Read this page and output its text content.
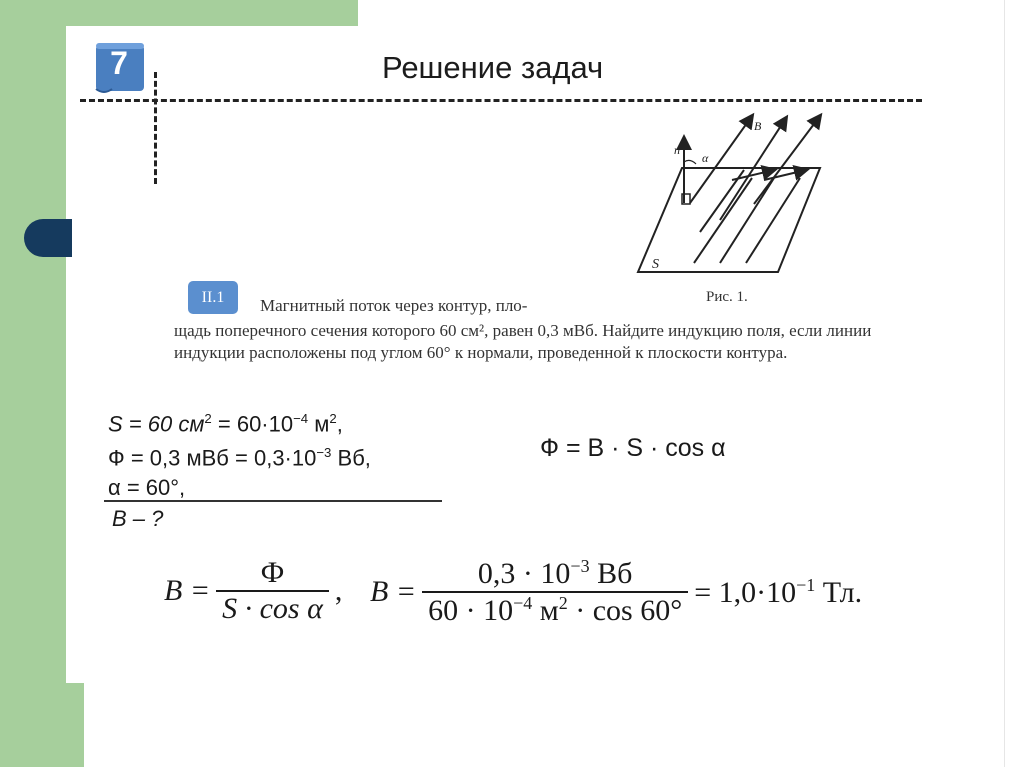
7	Решение задач
n
B
α
S
Рис. 1.
II.1	Магнитный поток через контур, пло-
щадь поперечного сечения которого 60 см², равен 0,3 мВб. Найдите индукцию поля, если линии индукции расположены под углом 60° к нормали, проведенной к плоскости контура.
S = 60 $см^2 = 60\cdot 10^{-4}$ $м^2$,
Ф = 0,3 мВб = $0,3\cdot 10^{-3}$ Вб,
α = 60°,
B – ?
Ф = B · S · cos α
$B = \frac{Ф}{\text{S · cos α}}$ , $B = \frac{0,3 \cdot 10^{-3} Вб}{60 \cdot 10^{-4} м^2 \cdot \cos 60^\circ} = 1,0\cdot 10^{-1}$ Тл.
